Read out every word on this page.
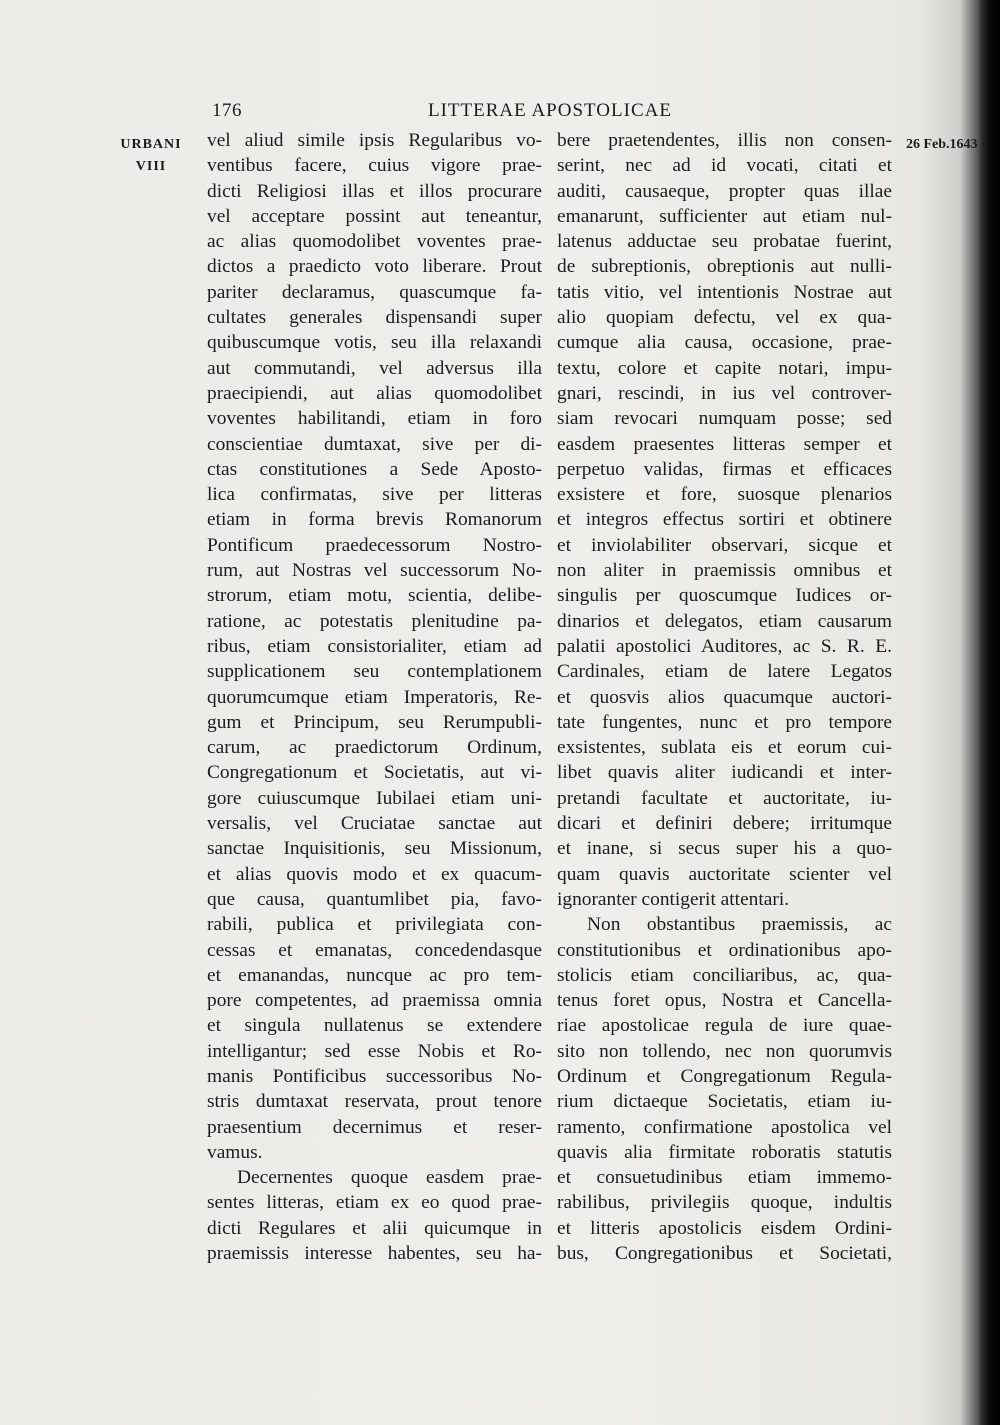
176	LITTERAE APOSTOLICAE
URBANI
VIII
26 Feb.1643
vel aliud simile ipsis Regularibus vo-
ventibus facere, cuius vigore prae-
dicti Religiosi illas et illos procurare
vel acceptare possint aut teneantur,
ac alias quomodolibet voventes prae-
dictos a praedicto voto liberare. Prout
pariter declaramus, quascumque fa-
cultates generales dispensandi super
quibuscumque votis, seu illa relaxandi
aut commutandi, vel adversus illa
praecipiendi, aut alias quomodolibet
voventes habilitandi, etiam in foro
conscientiae dumtaxat, sive per di-
ctas constitutiones a Sede Aposto-
lica confirmatas, sive per litteras
etiam in forma brevis Romanorum
Pontificum praedecessorum Nostro-
rum, aut Nostras vel successorum No-
strorum, etiam motu, scientia, delibe-
ratione, ac potestatis plenitudine pa-
ribus, etiam consistorialiter, etiam ad
supplicationem seu contemplationem
quorumcumque etiam Imperatoris, Re-
gum et Principum, seu Rerumpubli-
carum, ac praedictorum Ordinum,
Congregationum et Societatis, aut vi-
gore cuiuscumque Iubilaei etiam uni-
versalis, vel Cruciatae sanctae aut
sanctae Inquisitionis, seu Missionum,
et alias quovis modo et ex quacum-
que causa, quantumlibet pia, favo-
rabili, publica et privilegiata con-
cessas et emanatas, concedendasque
et emanandas, nuncque ac pro tem-
pore competentes, ad praemissa omnia
et singula nullatenus se extendere
intelligantur; sed esse Nobis et Ro-
manis Pontificibus successoribus No-
stris dumtaxat reservata, prout tenore
praesentium decernimus et reser-
vamus.
Decernentes quoque easdem prae-
sentes litteras, etiam ex eo quod prae-
dicti Regulares et alii quicumque in
praemissis interesse habentes, seu ha-
bere praetendentes, illis non consen-
serint, nec ad id vocati, citati et
auditi, causaeque, propter quas illae
emanarunt, sufficienter aut etiam nul-
latenus adductae seu probatae fuerint,
de subreptionis, obreptionis aut nulli-
tatis vitio, vel intentionis Nostrae aut
alio quopiam defectu, vel ex qua-
cumque alia causa, occasione, prae-
textu, colore et capite notari, impu-
gnari, rescindi, in ius vel controver-
siam revocari numquam posse; sed
easdem praesentes litteras semper et
perpetuo validas, firmas et efficaces
exsistere et fore, suosque plenarios
et integros effectus sortiri et obtinere
et inviolabiliter observari, sicque et
non aliter in praemissis omnibus et
singulis per quoscumque Iudices or-
dinarios et delegatos, etiam causarum
palatii apostolici Auditores, ac S. R. E.
Cardinales, etiam de latere Legatos
et quosvis alios quacumque auctori-
tate fungentes, nunc et pro tempore
exsistentes, sublata eis et eorum cui-
libet quavis aliter iudicandi et inter-
pretandi facultate et auctoritate, iu-
dicari et definiri debere; irritumque
et inane, si secus super his a quo-
quam quavis auctoritate scienter vel
ignoranter contigerit attentari.
Non obstantibus praemissis, ac
constitutionibus et ordinationibus apo-
stolicis etiam conciliaribus, ac, qua-
tenus foret opus, Nostra et Cancella-
riae apostolicae regula de iure quae-
sito non tollendo, nec non quorumvis
Ordinum et Congregationum Regula-
rium dictaeque Societatis, etiam iu-
ramento, confirmatione apostolica vel
quavis alia firmitate roboratis statutis
et consuetudinibus etiam immemo-
rabilibus, privilegiis quoque, indultis
et litteris apostolicis eisdem Ordini-
bus, Congregationibus et Societati,
